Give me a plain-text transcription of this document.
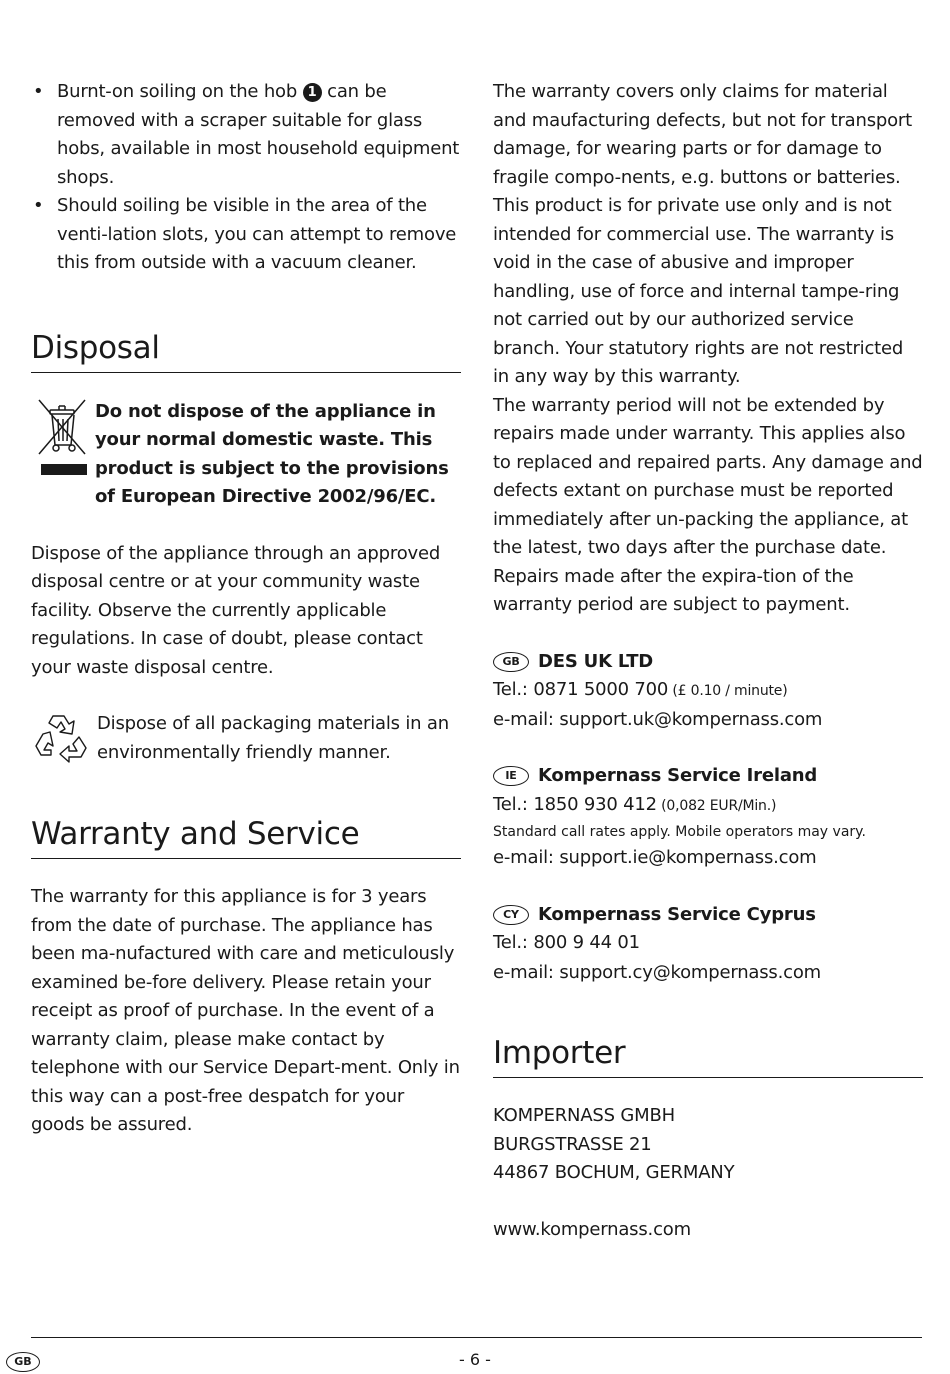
• Burnt-on soiling on the hob 1 can be removed with a scraper suitable for glass hobs, available in most household equipment shops.
• Should soiling be visible in the area of the venti-lation slots, you can attempt to remove this from outside with a vacuum cleaner.
Disposal

Do not dispose of the appliance in your normal domestic waste. This product is subject to the provisions of European Directive 2002/96/EC.

Dispose of the appliance through an approved disposal centre or at your community waste facility. Observe the currently applicable regulations. In case of doubt, please contact your waste disposal centre.

Dispose of all packaging materials in an environmentally friendly manner.

Warranty and Service

The warranty for this appliance is for 3 years from the date of purchase. The appliance has been ma-nufactured with care and meticulously examined be-fore delivery. Please retain your receipt as proof of purchase. In the event of a warranty claim, please make contact by telephone with our Service Depart-ment. Only in this way can a post-free despatch for your goods be assured.

The warranty covers only claims for material and maufacturing defects, but not for transport damage, for wearing parts or for damage to fragile compo-nents, e.g. buttons or batteries. This product is for private use only and is not intended for commercial use. The warranty is void in the case of abusive and improper handling, use of force and internal tampe-ring not carried out by our authorized service branch. Your statutory rights are not restricted in any way by this warranty.

The warranty period will not be extended by repairs made under warranty. This applies also to replaced and repaired parts. Any damage and defects extant on purchase must be reported immediately after un-packing the appliance, at the latest, two days after the purchase date. Repairs made after the expira-tion of the warranty period are subject to payment.

GB DES UK LTD
Tel.: 0871 5000 700 (£ 0.10 / minute)
e-mail: support.uk@kompernass.com
IE Kompernass Service Ireland
Tel.: 1850 930 412 (0,082 EUR/Min.)
Standard call rates apply. Mobile operators may vary.
e-mail: support.ie@kompernass.com
CY Kompernass Service Cyprus
Tel.: 800 9 44 01
e-mail: support.cy@kompernass.com
Importer
KOMPERNASS GMBH
BURGSTRASSE 21
44867 BOCHUM, GERMANY
www.kompernass.com
GB	- 6 -
